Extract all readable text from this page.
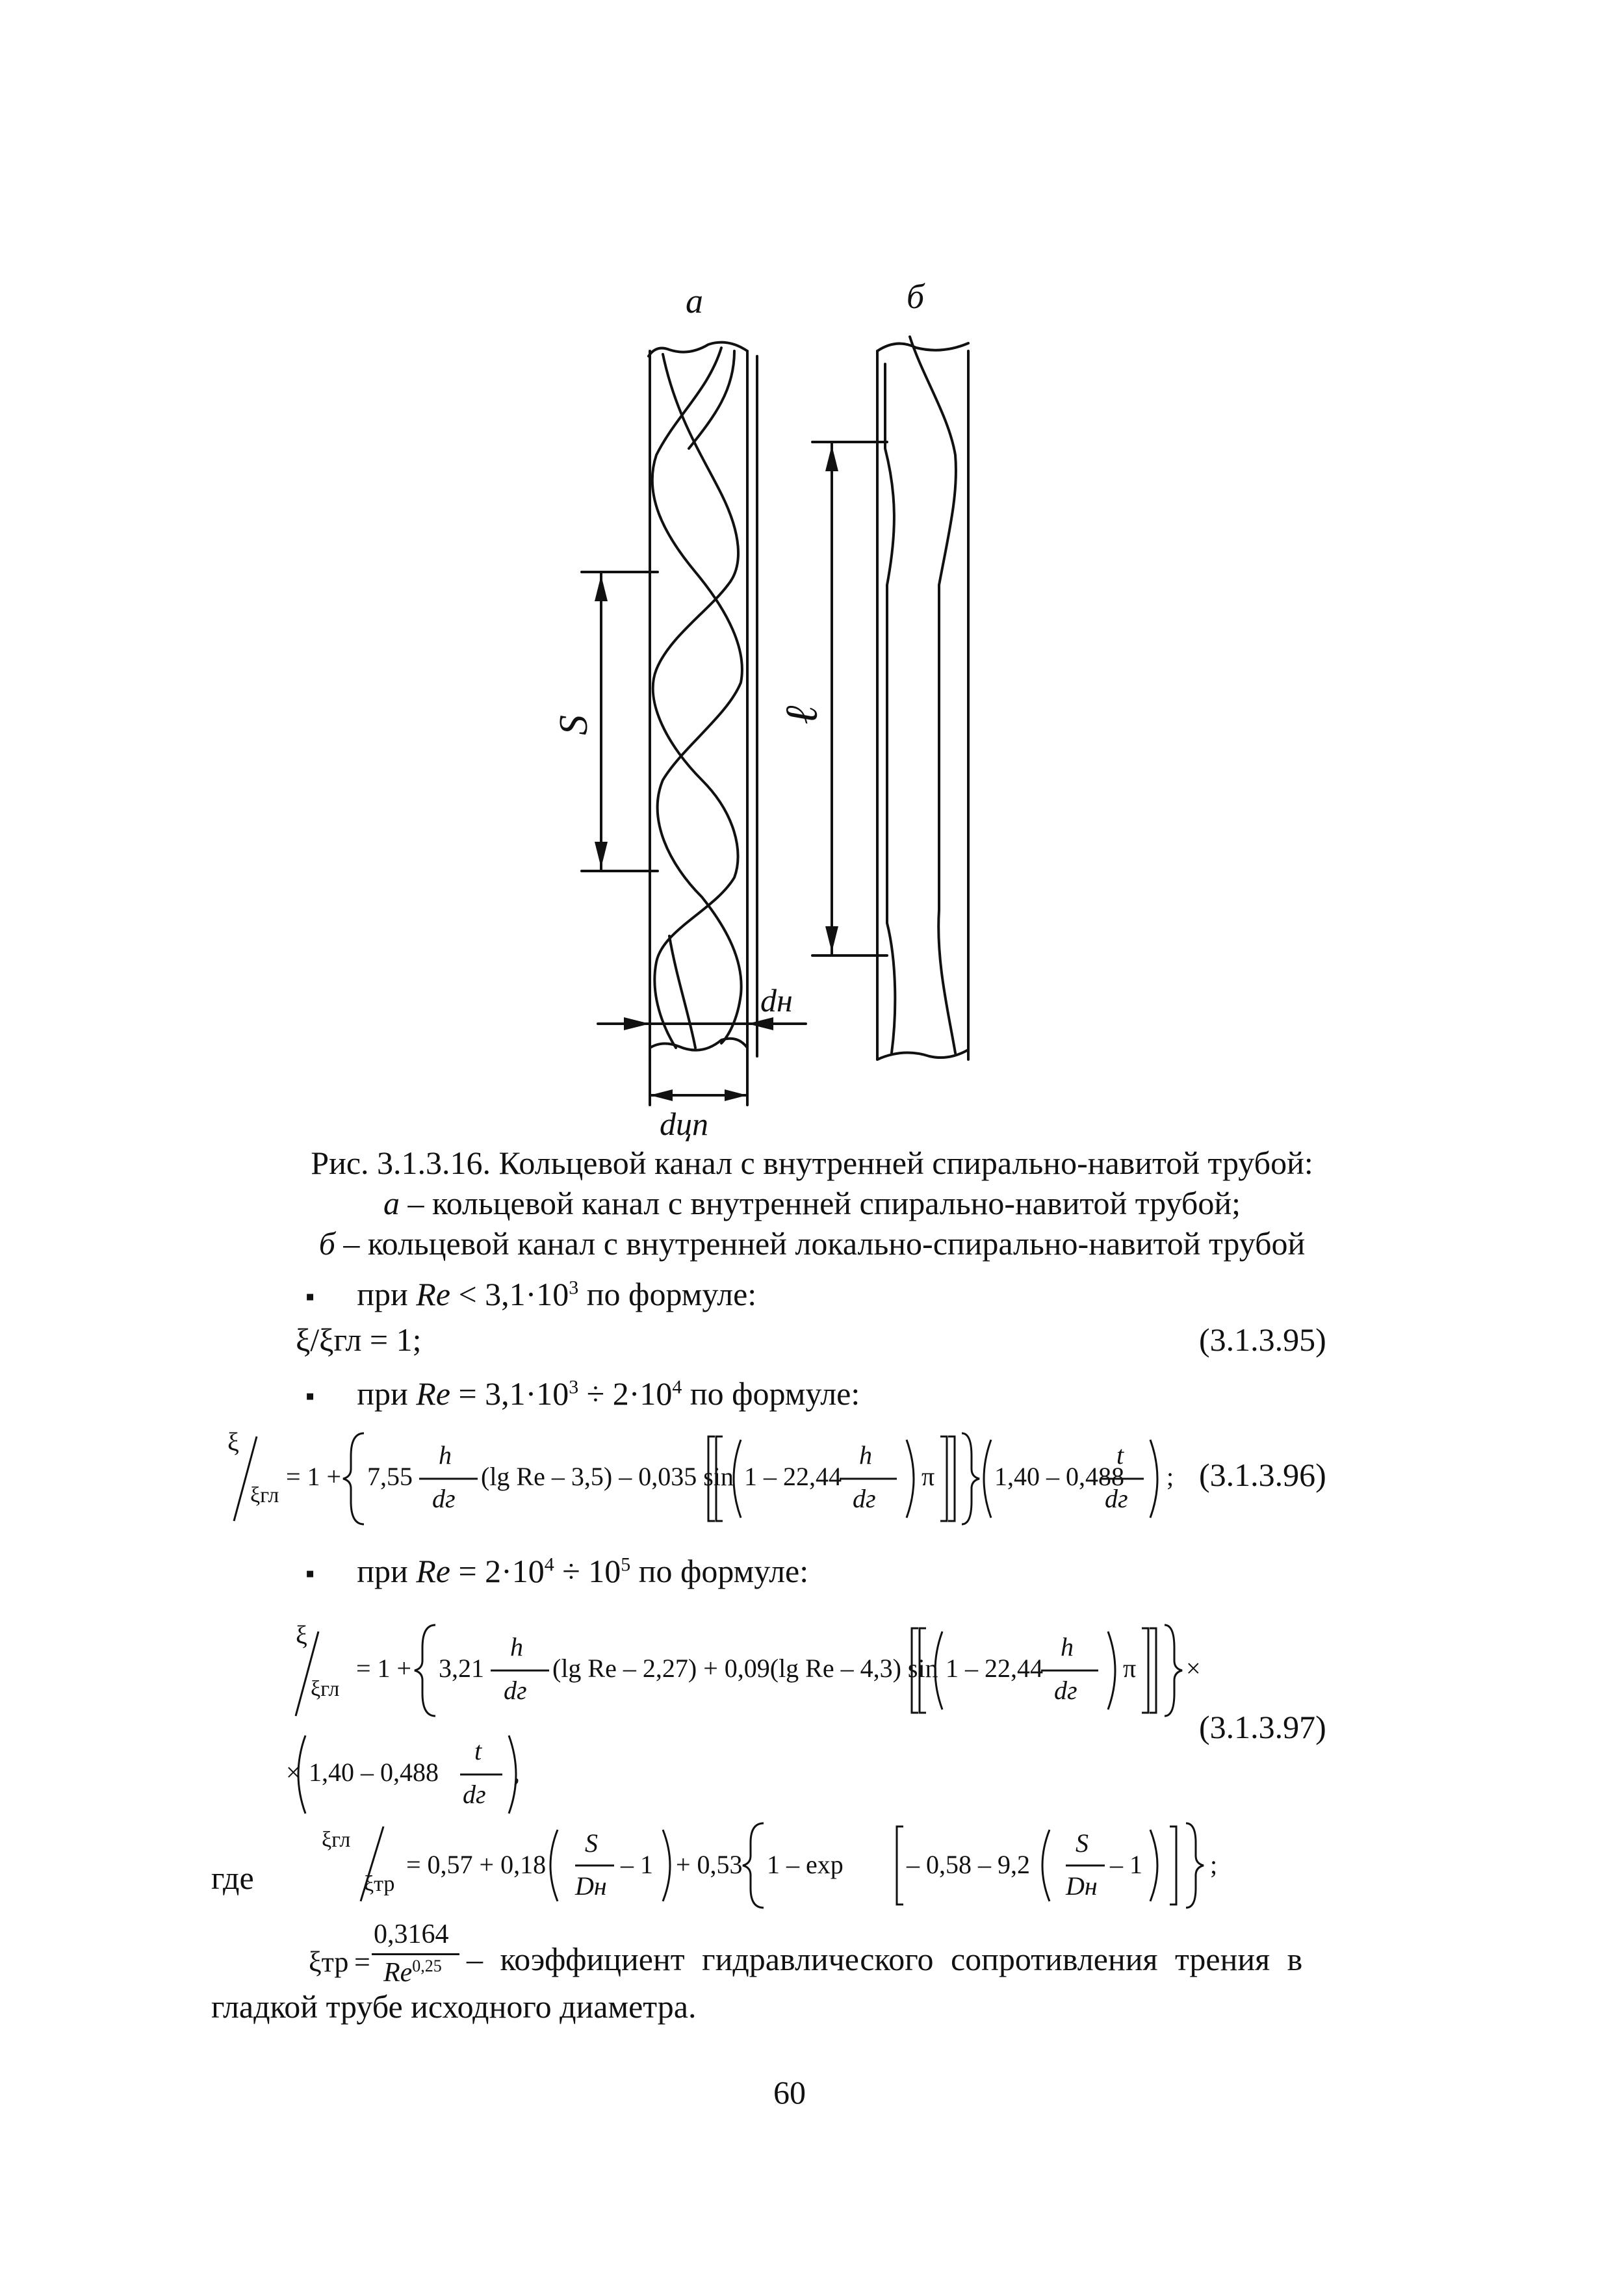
a	б
S	ℓ
dн
dцп
Рис. 3.1.3.16. Кольцевой канал с внутренней спирально-навитой трубой:
а – кольцевой канал с внутренней спирально-навитой трубой;
б – кольцевой канал с внутренней локально-спирально-навитой трубой
▪ при $Re < 3,1\cdot 10^3$ по формуле:
ξ/ξгл = 1;	(3.1.3.95)
▪ при $Re = 3,1\cdot 10^3 \div 2\cdot 10^4$ по формуле:
ξ
ξгл
= 1 + 7,55
h
dг
(lg Re – 3,5) – 0,035 sin 1 – 22,44
h
dг
π 1,40 – 0,488
t
dг
; (3.1.3.96)
▪ при $Re = 2\cdot 10^4 \div 10^5$ по формуле:
ξ
ξгл
= 1 + 3,21
h
dг
(lg Re – 2,27) + 0,09(lg Re – 4,3) sin 1 – 22,44
h
dг
π ×
(3.1.3.97)
× 1,40 – 0,488
t
dг
,
где
ξгл
ξтр
= 0,57 + 0,18
S
Dн
– 1 + 0,53 1 – exp – 0,58 – 9,2
S
Dн
– 1	;
ξтр =
0,3164
Re$^{0,25}$ – коэффициент гидравлического сопротивления трения в
гладкой трубе исходного диаметра.
60
